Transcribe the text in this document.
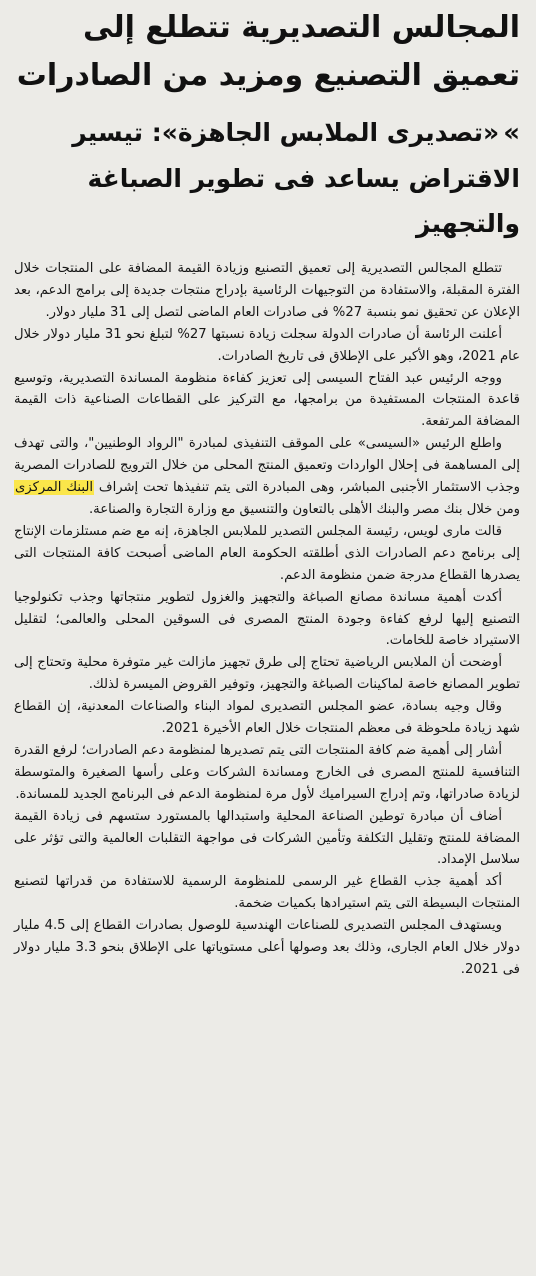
المجالس التصديرية تتطلع إلى تعميق التصنيع ومزيد من الصادرات
»«تصديرى الملابس الجاهزة»: تيسير الاقتراض يساعد فى تطوير الصباغة والتجهيز

تتطلع المجالس التصديرية إلى تعميق التصنيع وزيادة القيمة المضافة على المنتجات خلال الفترة المقبلة، والاستفادة من التوجيهات الرئاسية بإدراج منتجات جديدة إلى برامج الدعم، بعد الإعلان عن تحقيق نمو بنسبة 27% فى صادرات العام الماضى لتصل إلى 31 مليار دولار.

أعلنت الرئاسة أن صادرات الدولة سجلت زيادة نسبتها 27% لتبلغ نحو 31 مليار دولار خلال عام 2021، وهو الأكبر على الإطلاق فى تاريخ الصادرات.

ووجه الرئيس عبد الفتاح السيسى إلى تعزيز كفاءة منظومة المساندة التصديرية، وتوسيع قاعدة المنتجات المستفيدة من برامجها، مع التركيز على القطاعات الصناعية ذات القيمة المضافة المرتفعة.

واطلع الرئيس «السيسى» على الموقف التنفيذى لمبادرة "الرواد الوطنيين"، والتى تهدف إلى المساهمة فى إحلال الواردات وتعميق المنتج المحلى من خلال الترويج للصادرات المصرية وجذب الاستثمار الأجنبى المباشر، وهى المبادرة التى يتم تنفيذها تحت إشراف البنك المركزى ومن خلال بنك مصر والبنك الأهلى بالتعاون والتنسيق مع وزارة التجارة والصناعة.

قالت مارى لويس، رئيسة المجلس التصدير للملابس الجاهزة، إنه مع ضم مستلزمات الإنتاج إلى برنامج دعم الصادرات الذى أطلقته الحكومة العام الماضى أصبحت كافة المنتجات التى يصدرها القطاع مدرجة ضمن منظومة الدعم.

أكدت أهمية مساندة مصانع الصباغة والتجهيز والغزول لتطوير منتجاتها وجذب تكنولوجيا التصنيع إليها لرفع كفاءة وجودة المنتج المصرى فى السوقين المحلى والعالمى؛ لتقليل الاستيراد خاصة للخامات.

أوضحت أن الملابس الرياضية تحتاج إلى طرق تجهيز مازالت غير متوفرة محلية وتحتاج إلى تطوير المصانع خاصة لماكينات الصباغة والتجهيز، وتوفير القروض الميسرة لذلك.

وقال وجيه بسادة، عضو المجلس التصديرى لمواد البناء والصناعات المعدنية، إن القطاع شهد زيادة ملحوظة فى معظم المنتجات خلال العام الأخيرة 2021.

أشار إلى أهمية ضم كافة المنتجات التى يتم تصديرها لمنظومة دعم الصادرات؛ لرفع القدرة التنافسية للمنتج المصرى فى الخارج ومساندة الشركات وعلى رأسها الصغيرة والمتوسطة لزيادة صادراتها، وتم إدراج السيراميك لأول مرة لمنظومة الدعم فى البرنامج الجديد للمساندة.

أضاف أن مبادرة توطين الصناعة المحلية واستبدالها بالمستورد ستسهم فى زيادة القيمة المضافة للمنتج وتقليل التكلفة وتأمين الشركات فى مواجهة التقلبات العالمية والتى تؤثر على سلاسل الإمداد.

أكد أهمية جذب القطاع غير الرسمى للمنظومة الرسمية للاستفادة من قدراتها لتصنيع المنتجات البسيطة التى يتم استيرادها بكميات ضخمة.

ويستهدف المجلس التصديرى للصناعات الهندسية للوصول بصادرات القطاع إلى 4.5 مليار دولار خلال العام الجارى، وذلك بعد وصولها أعلى مستوياتها على الإطلاق بنحو 3.3 مليار دولار فى 2021.
